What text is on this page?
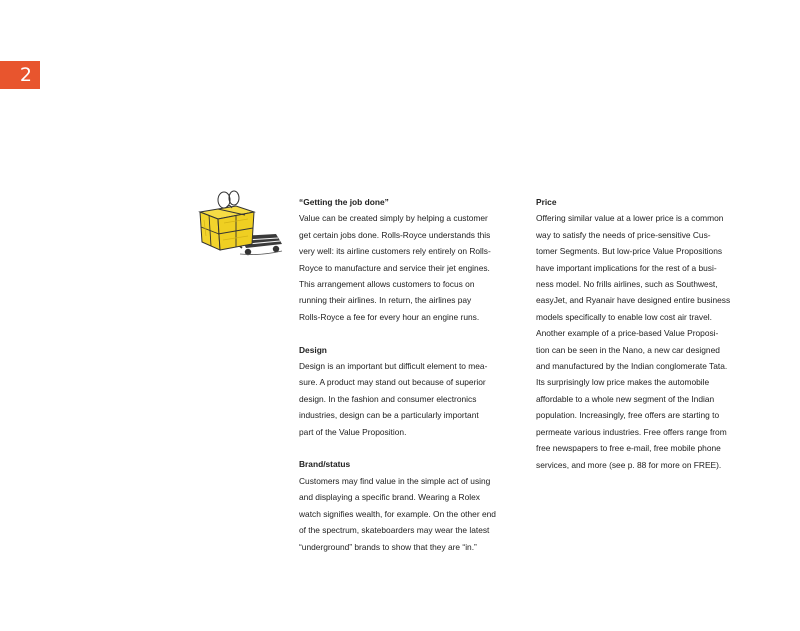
2
“Getting the job done”

Value can be created simply by helping a customer
get certain jobs done. Rolls-Royce understands this
very well: its airline customers rely entirely on Rolls-
Royce to manufacture and service their jet engines.
This arrangement allows customers to focus on
running their airlines. In return, the airlines pay
Rolls-Royce a fee for every hour an engine runs.

Design

Design is an important but difficult element to mea-
sure. A product may stand out because of superior
design. In the fashion and consumer electronics
industries, design can be a particularly important
part of the Value Proposition.

Brand/status

Customers may find value in the simple act of using
and displaying a specific brand. Wearing a Rolex
watch signifies wealth, for example. On the other end
of the spectrum, skateboarders may wear the latest
“underground” brands to show that they are “in.”

Price

Offering similar value at a lower price is a common
way to satisfy the needs of price-sensitive Cus-
tomer Segments. But low-price Value Propositions
have important implications for the rest of a busi-
ness model. No frills airlines, such as Southwest,
easyJet, and Ryanair have designed entire business
models specifically to enable low cost air travel.
Another example of a price-based Value Proposi-
tion can be seen in the Nano, a new car designed
and manufactured by the Indian conglomerate Tata.
Its surprisingly low price makes the automobile
affordable to a whole new segment of the Indian
population. Increasingly, free offers are starting to
permeate various industries. Free offers range from
free newspapers to free e-mail, free mobile phone
services, and more (see p. 88 for more on FREE).
